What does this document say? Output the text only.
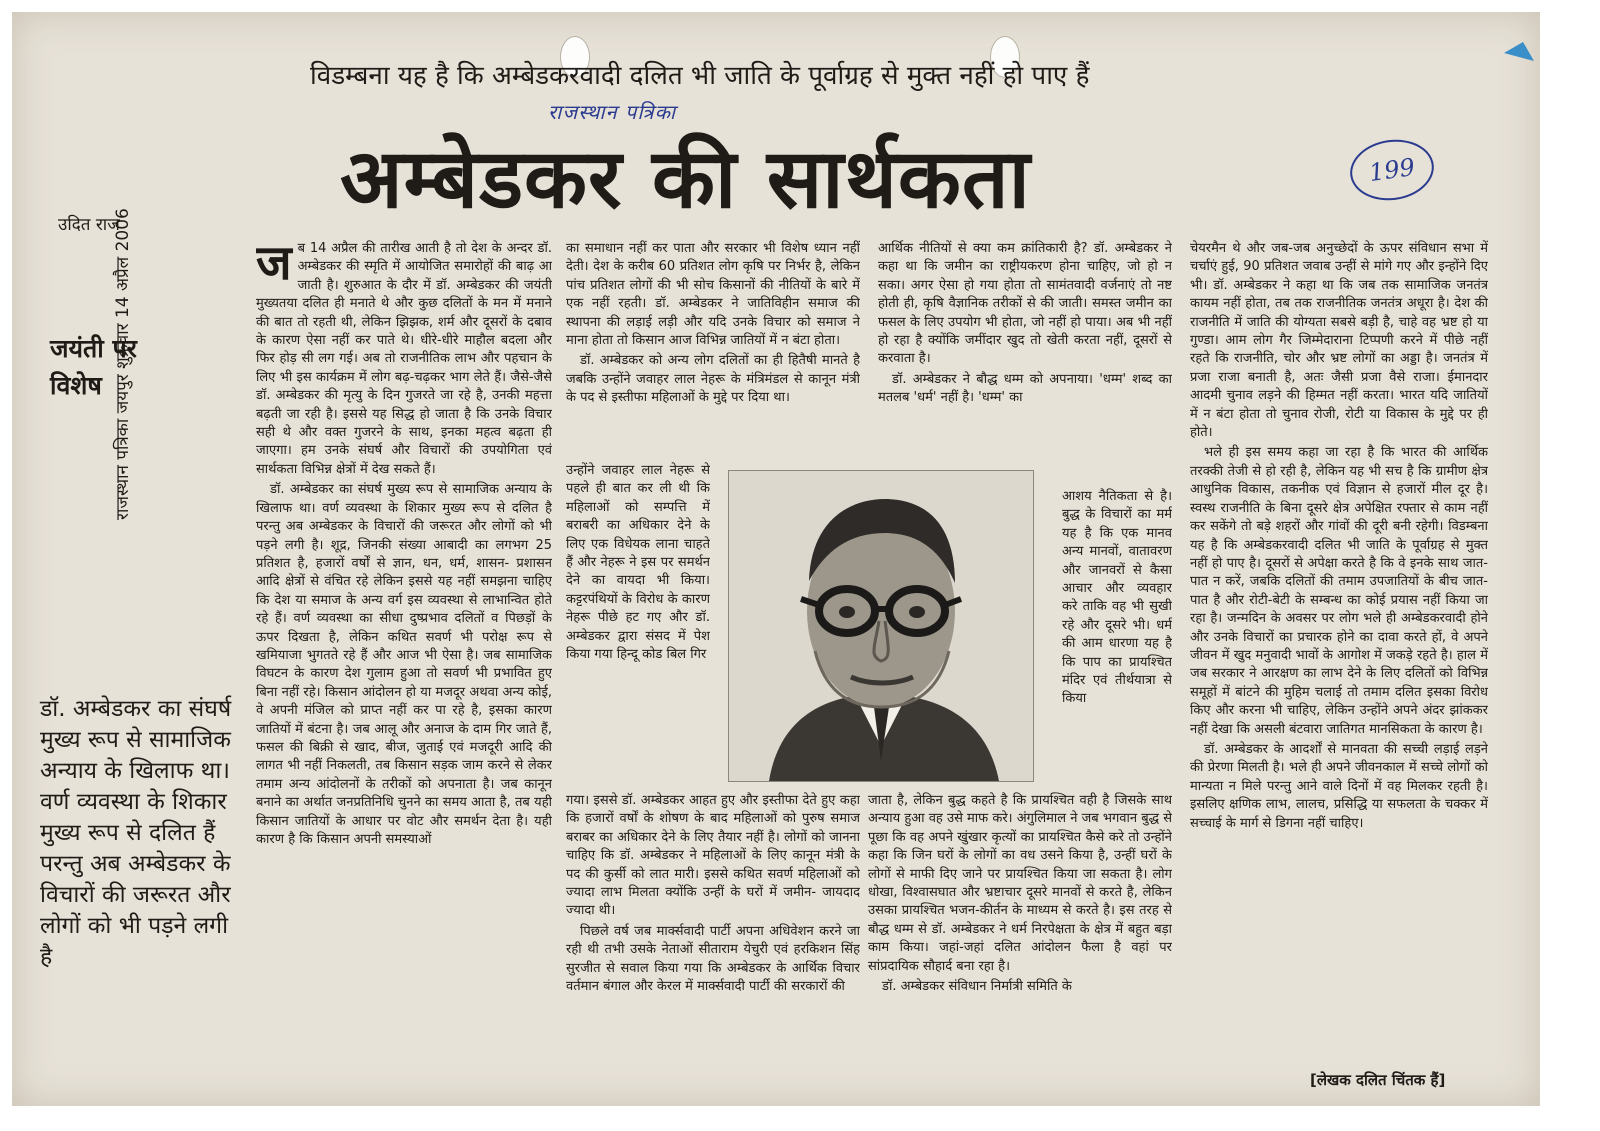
विडम्बना यह है कि अम्बेडकरवादी दलित भी जाति के पूर्वाग्रह से मुक्त नहीं हो पाए हैं
राजस्थान पत्रिका
अम्बेडकर की सार्थकता	199
उदित राज
राजस्थान पत्रिका जयपुर शुक्रवार 14 अप्रैल 2006
जयंती पर विशेष
डॉ. अम्बेडकर का संघर्ष मुख्य रूप से सामाजिक अन्याय के खिलाफ था। वर्ण व्यवस्था के शिकार मुख्य रूप से दलित हैं परन्तु अब अम्बेडकर के विचारों की जरूरत और लोगों को भी पड़ने लगी है
ज ब 14 अप्रैल की तारीख आती है तो देश के अन्दर डॉ. अम्बेडकर की स्मृति में आयोजित समारोहों की बाढ़ आ जाती है। शुरुआत के दौर में डॉ. अम्बेडकर की जयंती मुख्यतया दलित ही मनाते थे और कुछ दलितों के मन में मनाने की बात तो रहती थी, लेकिन झिझक, शर्म और दूसरों के दबाव के कारण ऐसा नहीं कर पाते थे। धीरे-धीरे माहौल बदला और फिर होड़ सी लग गई। अब तो राजनीतिक लाभ और पहचान के लिए भी इस कार्यक्रम में लोग बढ़-चढ़कर भाग लेते हैं। जैसे-जैसे डॉ. अम्बेडकर की मृत्यु के दिन गुजरते जा रहे है, उनकी महत्ता बढ़ती जा रही है। इससे यह सिद्ध हो जाता है कि उनके विचार सही थे और वक्त गुजरने के साथ, इनका महत्व बढ़ता ही जाएगा। हम उनके संघर्ष और विचारों की उपयोगिता एवं सार्थकता विभिन्न क्षेत्रों में देख सकते हैं।

डॉ. अम्बेडकर का संघर्ष मुख्य रूप से सामाजिक अन्याय के खिलाफ था। वर्ण व्यवस्था के शिकार मुख्य रूप से दलित है परन्तु अब अम्बेडकर के विचारों की जरूरत और लोगों को भी पड़ने लगी है। शूद्र, जिनकी संख्या आबादी का लगभग 25 प्रतिशत है, हजारों वर्षों से ज्ञान, धन, धर्म, शासन- प्रशासन आदि क्षेत्रों से वंचित रहे लेकिन इससे यह नहीं समझना चाहिए कि देश या समाज के अन्य वर्ग इस व्यवस्था से लाभान्वित होते रहे हैं। वर्ण व्यवस्था का सीधा दुष्प्रभाव दलितों व पिछड़ों के ऊपर दिखता है, लेकिन कथित सवर्ण भी परोक्ष रूप से खमियाजा भुगतते रहे हैं और आज भी ऐसा है। जब सामाजिक विघटन के कारण देश गुलाम हुआ तो सवर्ण भी प्रभावित हुए बिना नहीं रहे। किसान आंदोलन हो या मजदूर अथवा अन्य कोई, वे अपनी मंजिल को प्राप्त नहीं कर पा रहे है, इसका कारण जातियों में बंटना है। जब आलू और अनाज के दाम गिर जाते हैं, फसल की बिक्री से खाद, बीज, जुताई एवं मजदूरी आदि की लागत भी नहीं निकलती, तब किसान सड़क जाम करने से लेकर तमाम अन्य आंदोलनों के तरीकों को अपनाता है। जब कानून बनाने का अर्थात जनप्रतिनिधि चुनने का समय आता है, तब यही किसान जातियों के आधार पर वोट और समर्थन देता है। यही कारण है कि किसान अपनी समस्याओं

का समाधान नहीं कर पाता और सरकार भी विशेष ध्यान नहीं देती। देश के करीब 60 प्रतिशत लोग कृषि पर निर्भर है, लेकिन पांच प्रतिशत लोगों की भी सोच किसानों की नीतियों के बारे में एक नहीं रहती। डॉ. अम्बेडकर ने जातिविहीन समाज की स्थापना की लड़ाई लड़ी और यदि उनके विचार को समाज ने माना होता तो किसान आज विभिन्न जातियों में न बंटा होता।

डॉ. अम्बेडकर को अन्य लोग दलितों का ही हितैषी मानते है जबकि उन्होंने जवाहर लाल नेहरू के मंत्रिमंडल से कानून मंत्री के पद से इस्तीफा महिलाओं के मुद्दे पर दिया था।

उन्होंने जवाहर लाल नेहरू से पहले ही बात कर ली थी कि महिलाओं को सम्पत्ति में बराबरी का अधिकार देने के लिए एक विधेयक लाना चाहते हैं और नेहरू ने इस पर समर्थन देने का वायदा भी किया। कट्टरपंथियों के विरोध के कारण नेहरू पीछे हट गए और डॉ. अम्बेडकर द्वारा संसद में पेश किया गया हिन्दू कोड बिल गिर

गया। इससे डॉ. अम्बेडकर आहत हुए और इस्तीफा देते हुए कहा कि हजारों वर्षों के शोषण के बाद महिलाओं को पुरुष समाज बराबर का अधिकार देने के लिए तैयार नहीं है। लोगों को जानना चाहिए कि डॉ. अम्बेडकर ने महिलाओं के लिए कानून मंत्री के पद की कुर्सी को लात मारी। इससे कथित सवर्ण महिलाओं को ज्यादा लाभ मिलता क्योंकि उन्हीं के घरों में जमीन- जायदाद ज्यादा थी।

पिछले वर्ष जब मार्क्सवादी पार्टी अपना अधिवेशन करने जा रही थी तभी उसके नेताओं सीताराम येचुरी एवं हरकिशन सिंह सुरजीत से सवाल किया गया कि अम्बेडकर के आर्थिक विचार वर्तमान बंगाल और केरल में मार्क्सवादी पार्टी की सरकारों की

आर्थिक नीतियों से क्या कम क्रांतिकारी है? डॉ. अम्बेडकर ने कहा था कि जमीन का राष्ट्रीयकरण होना चाहिए, जो हो न सका। अगर ऐसा हो गया होता तो सामंतवादी वर्जनाएं तो नष्ट होती ही, कृषि वैज्ञानिक तरीकों से की जाती। समस्त जमीन का फसल के लिए उपयोग भी होता, जो नहीं हो पाया। अब भी नहीं हो रहा है क्योंकि जमींदार खुद तो खेती करता नहीं, दूसरों से करवाता है।

डॉ. अम्बेडकर ने बौद्ध धम्म को अपनाया। 'धम्म' शब्द का मतलब 'धर्म' नहीं है। 'धम्म' का

आशय नैतिकता से है। बुद्ध के विचारों का मर्म यह है कि एक मानव अन्य मानवों, वातावरण और जानवरों से कैसा आचार और व्यवहार करे ताकि वह भी सुखी रहे और दूसरे भी। धर्म की आम धारणा यह है कि पाप का प्रायश्चित मंदिर एवं तीर्थयात्रा से किया

जाता है, लेकिन बुद्ध कहते है कि प्रायश्चित वही है जिसके साथ अन्याय हुआ वह उसे माफ करे। अंगुलिमाल ने जब भगवान बुद्ध से पूछा कि वह अपने खुंखार कृत्यों का प्रायश्चित कैसे करे तो उन्होंने कहा कि जिन घरों के लोगों का वध उसने किया है, उन्हीं घरों के लोगों से माफी दिए जाने पर प्रायश्चित किया जा सकता है। लोग धोखा, विश्वासघात और भ्रष्टाचार दूसरे मानवों से करते है, लेकिन उसका प्रायश्चित भजन-कीर्तन के माध्यम से करते है। इस तरह से बौद्ध धम्म से डॉ. अम्बेडकर ने धर्म निरपेक्षता के क्षेत्र में बहुत बड़ा काम किया। जहां-जहां दलित आंदोलन फैला है वहां पर सांप्रदायिक सौहार्द बना रहा है।

डॉ. अम्बेडकर संविधान निर्मात्री समिति के

चेयरमैन थे और जब-जब अनुच्छेदों के ऊपर संविधान सभा में चर्चाएं हुई, 90 प्रतिशत जवाब उन्हीं से मांगे गए और इन्होंने दिए भी। डॉ. अम्बेडकर ने कहा था कि जब तक सामाजिक जनतंत्र कायम नहीं होता, तब तक राजनीतिक जनतंत्र अधूरा है। देश की राजनीति में जाति की योग्यता सबसे बड़ी है, चाहे वह भ्रष्ट हो या गुण्डा। आम लोग गैर जिम्मेदाराना टिप्पणी करने में पीछे नहीं रहते कि राजनीति, चोर और भ्रष्ट लोगों का अड्डा है। जनतंत्र में प्रजा राजा बनाती है, अतः जैसी प्रजा वैसे राजा। ईमानदार आदमी चुनाव लड़ने की हिम्मत नहीं करता। भारत यदि जातियों में न बंटा होता तो चुनाव रोजी, रोटी या विकास के मुद्दे पर ही होते।

भले ही इस समय कहा जा रहा है कि भारत की आर्थिक तरक्की तेजी से हो रही है, लेकिन यह भी सच है कि ग्रामीण क्षेत्र आधुनिक विकास, तकनीक एवं विज्ञान से हजारों मील दूर है। स्वस्थ राजनीति के बिना दूसरे क्षेत्र अपेक्षित रफ्तार से काम नहीं कर सकेंगे तो बड़े शहरों और गांवों की दूरी बनी रहेगी। विडम्बना यह है कि अम्बेडकरवादी दलित भी जाति के पूर्वाग्रह से मुक्त नहीं हो पाए है। दूसरों से अपेक्षा करते है कि वे इनके साथ जात-पात न करें, जबकि दलितों की तमाम उपजातियों के बीच जात-पात है और रोटी-बेटी के सम्बन्ध का कोई प्रयास नहीं किया जा रहा है। जन्मदिन के अवसर पर लोग भले ही अम्बेडकरवादी होने और उनके विचारों का प्रचारक होने का दावा करते हों, वे अपने जीवन में खुद मनुवादी भावों के आगोश में जकड़े रहते है। हाल में जब सरकार ने आरक्षण का लाभ देने के लिए दलितों को विभिन्न समूहों में बांटने की मुहिम चलाई तो तमाम दलित इसका विरोध किए और करना भी चाहिए, लेकिन उन्होंने अपने अंदर झांककर नहीं देखा कि असली बंटवारा जातिगत मानसिकता के कारण है।

डॉ. अम्बेडकर के आदर्शों से मानवता की सच्ची लड़ाई लड़ने की प्रेरणा मिलती है। भले ही अपने जीवनकाल में सच्चे लोगों को मान्यता न मिले परन्तु आने वाले दिनों में वह मिलकर रहती है। इसलिए क्षणिक लाभ, लालच, प्रसिद्धि या सफलता के चक्कर में सच्चाई के मार्ग से डिगना नहीं चाहिए।

[लेखक दलित चिंतक हैं]
